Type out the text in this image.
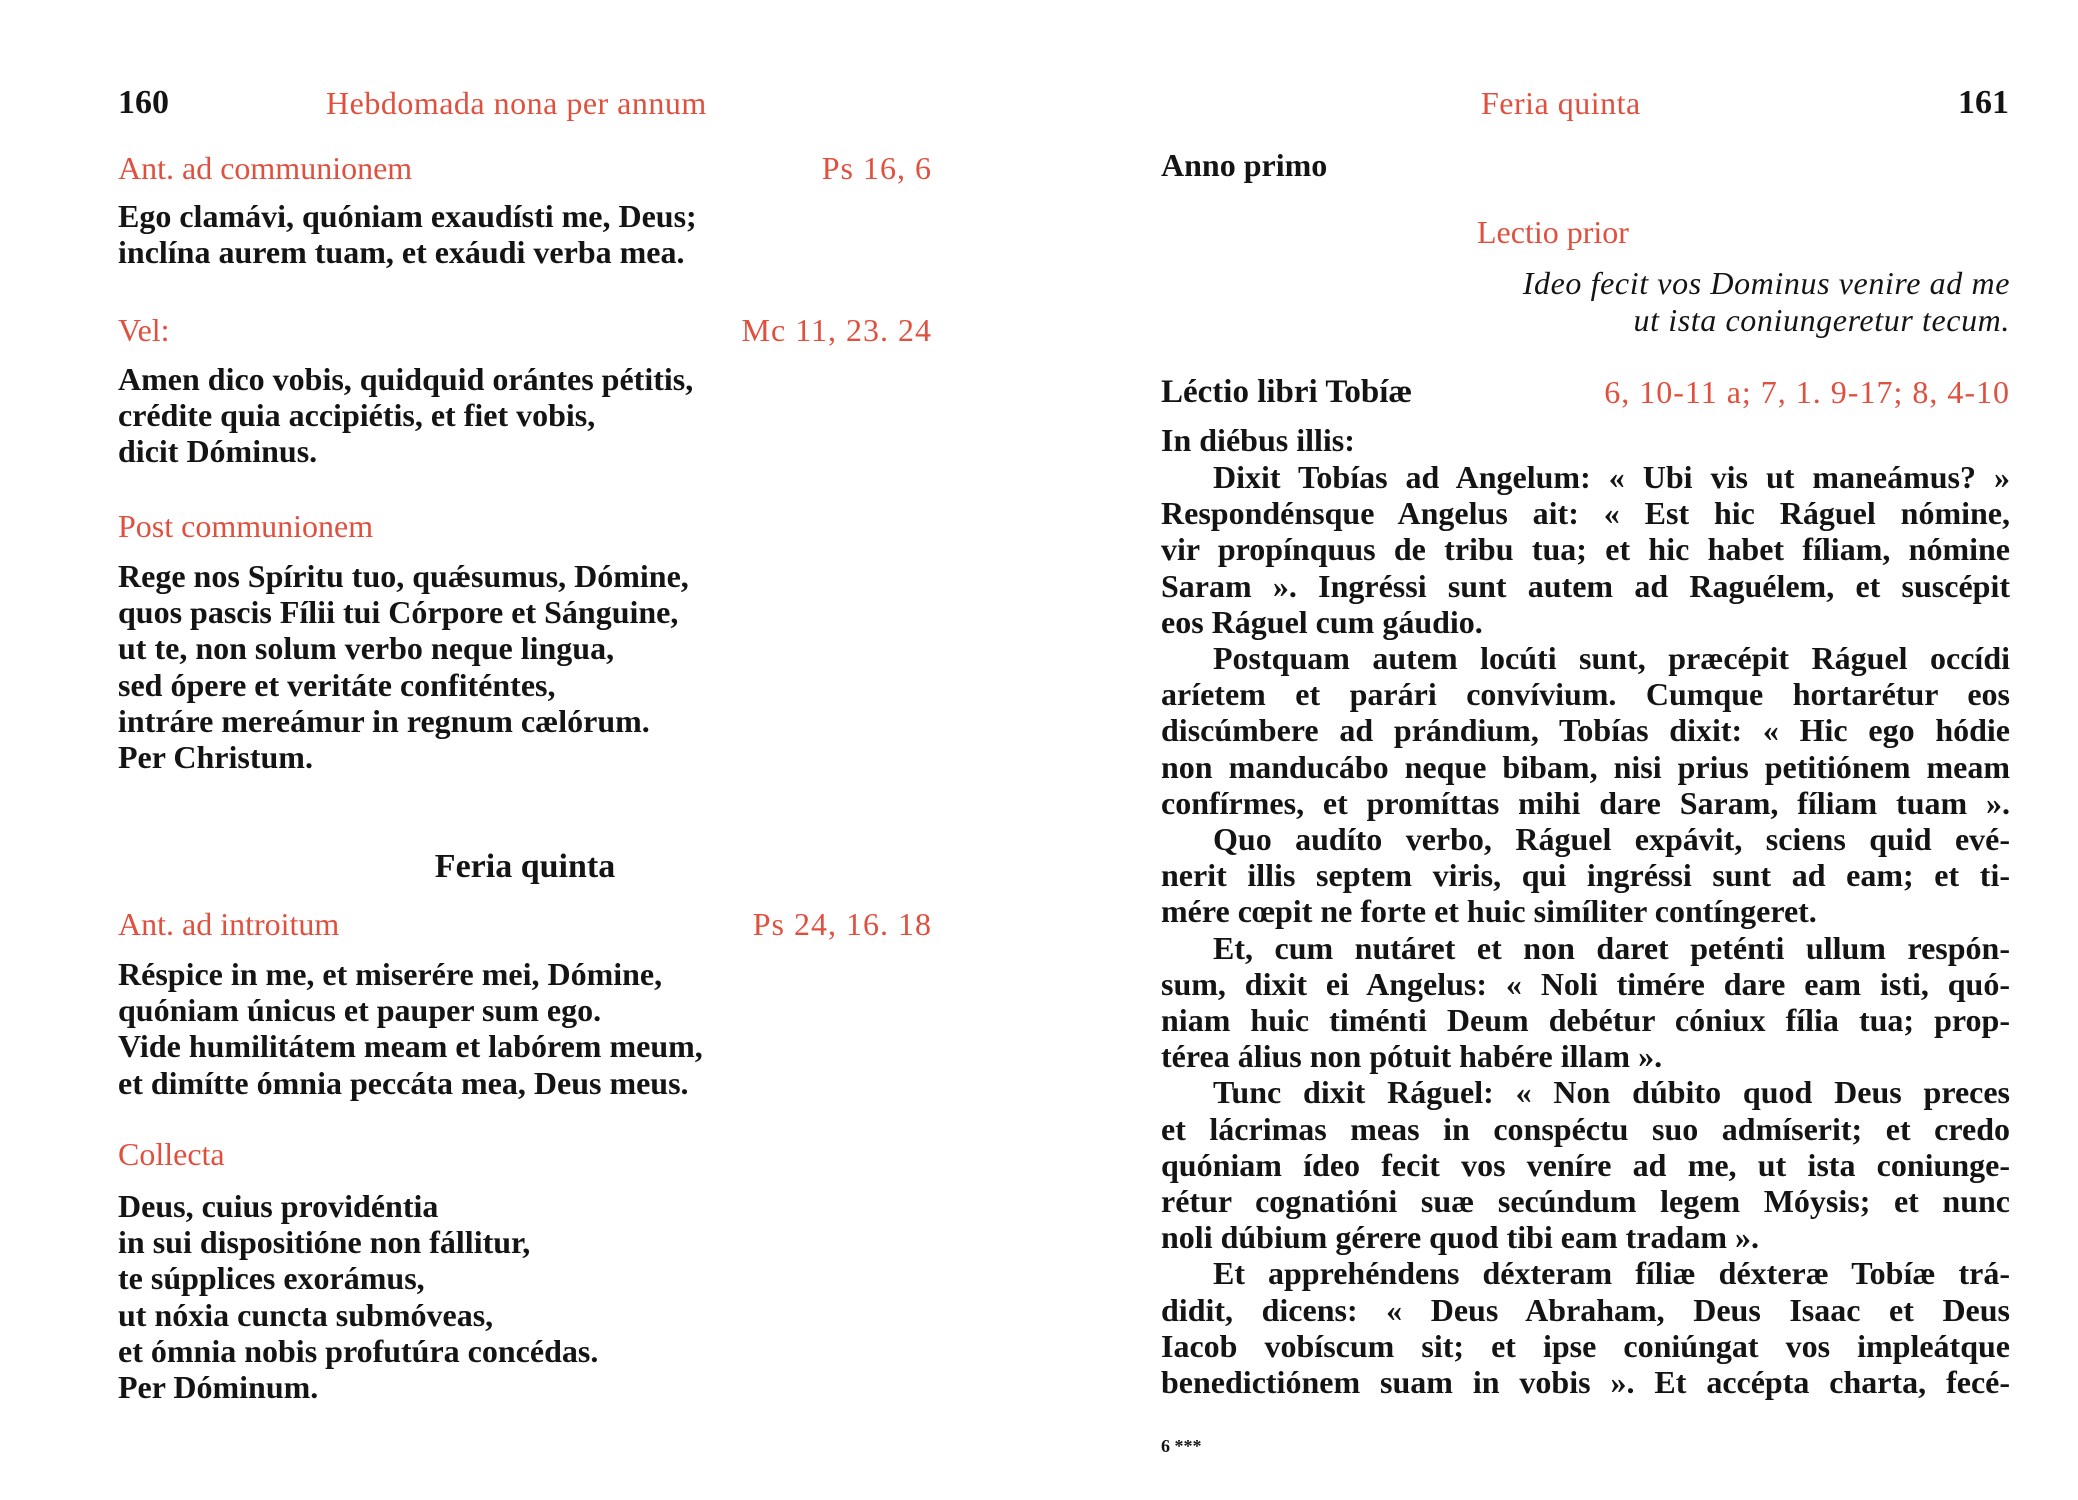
160	Hebdomada nona per annum
Ant. ad communionem	Ps 16, 6
Ego clamávi, quóniam exaudísti me, Deus;
inclína aurem tuam, et exáudi verba mea.
Vel:	Mc 11, 23. 24
Amen dico vobis, quidquid orántes pétitis,
crédite quia accipiétis, et fiet vobis,
dicit Dóminus.
Post communionem
Rege nos Spíritu tuo, quǽsumus, Dómine,
quos pascis Fílii tui Córpore et Sánguine,
ut te, non solum verbo neque lingua,
sed ópere et veritáte confiténtes,
intráre mereámur in regnum cælórum.
Per Christum.
Feria quinta
Ant. ad introitum	Ps 24, 16. 18
Réspice in me, et miserére mei, Dómine,
quóniam únicus et pauper sum ego.
Vide humilitátem meam et labórem meum,
et dimítte ómnia peccáta mea, Deus meus.
Collecta
Deus, cuius providéntia
in sui dispositióne non fállitur,
te súpplices exorámus,
ut nóxia cuncta submóveas,
et ómnia nobis profutúra concédas.
Per Dóminum.
Feria quinta	161
Anno primo
Lectio prior
Ideo fecit vos Dominus venire ad me
ut ista coniungeretur tecum.
Léctio libri Tobíæ	6, 10-11 a; 7, 1. 9-17; 8, 4-10
In diébus illis:
Dixit Tobías ad Angelum: « Ubi vis ut maneámus? »
Respondénsque Angelus ait: « Est hic Ráguel nómine,
vir propínquus de tribu tua; et hic habet fíliam, nómine
Saram ». Ingréssi sunt autem ad Raguélem, et suscépit
eos Ráguel cum gáudio.
Postquam autem locúti sunt, præcépit Ráguel occídi
aríetem et parári convívium. Cumque hortarétur eos
discúmbere ad prándium, Tobías dixit: « Hic ego hódie
non manducábo neque bibam, nisi prius petitiónem meam
confírmes, et promíttas mihi dare Saram, fíliam tuam ».
Quo audíto verbo, Ráguel expávit, sciens quid evé-
nerit illis septem viris, qui ingréssi sunt ad eam; et ti-
mére cœpit ne forte et huic simíliter contíngeret.
Et, cum nutáret et non daret peténti ullum respón-
sum, dixit ei Angelus: « Noli timére dare eam isti, quó-
niam huic timénti Deum debétur cóniux fília tua; prop-
térea álius non pótuit habére illam ».
Tunc dixit Ráguel: « Non dúbito quod Deus preces
et lácrimas meas in conspéctu suo admíserit; et credo
quóniam ídeo fecit vos veníre ad me, ut ista coniunge-
rétur cognatióni suæ secúndum legem Móysis; et nunc
noli dúbium gérere quod tibi eam tradam ».
Et apprehéndens déxteram fíliæ déxteræ Tobíæ trá-
didit, dicens: « Deus Abraham, Deus Isaac et Deus
Iacob vobíscum sit; et ipse coniúngat vos impleátque
benedictiónem suam in vobis ». Et accépta charta, fecé-
6 ***
